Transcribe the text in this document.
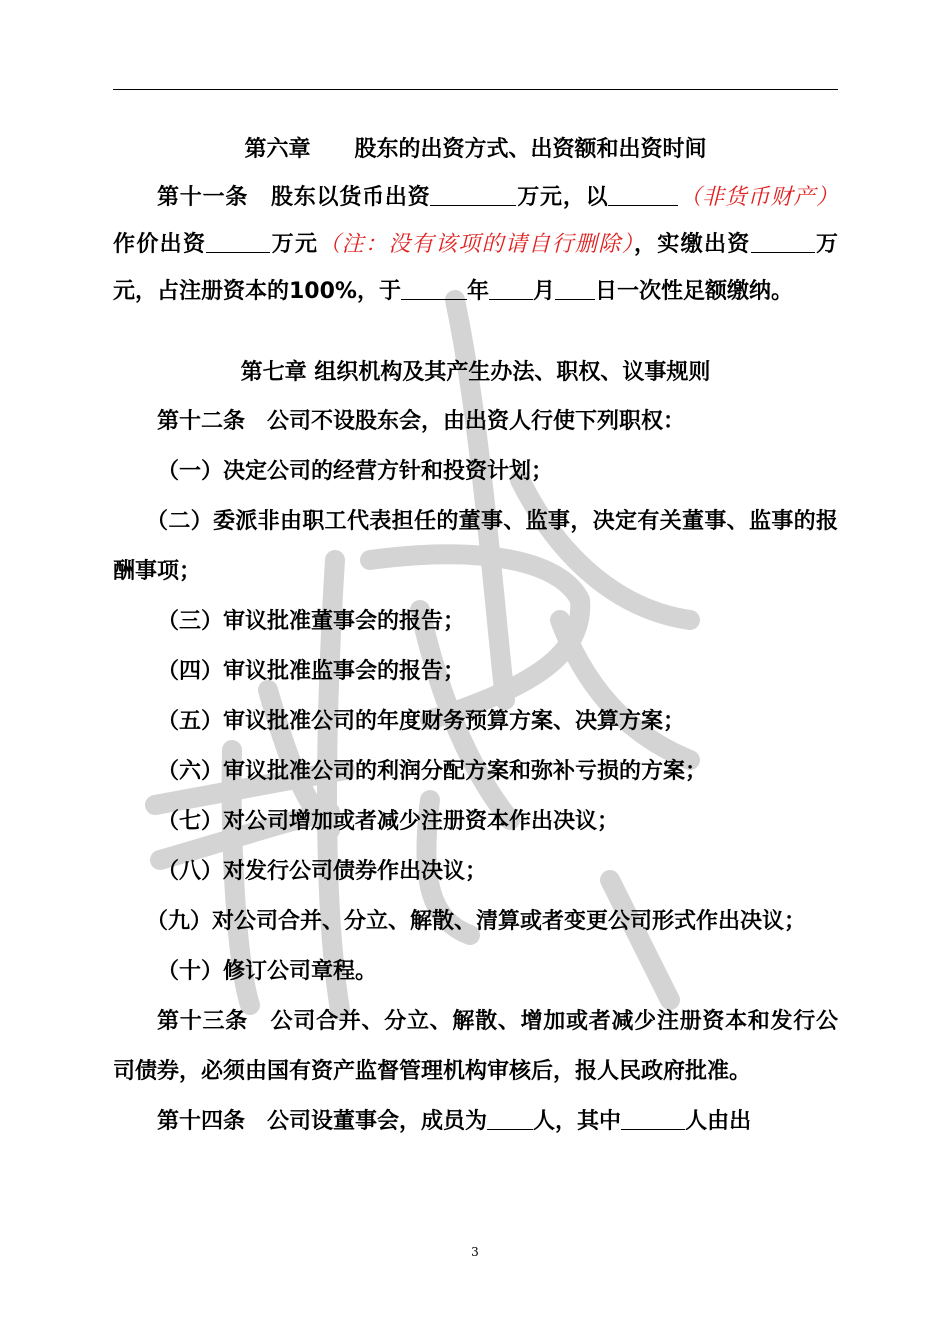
第六章　　股东的出资方式、出资额和出资时间
第十一条　 股东以货币出资	万元，以	（非货币财产）作价出资	万元（注：没有该项的请自行删除），实缴出资	万元，占注册资本的100%，于	年 月 日一次性足额缴纳。
第七章 组织机构及其产生办法、职权、议事规则
第十二条　 公司不设股东会，由出资人行使下列职权：
（一）决定公司的经营方针和投资计划；
（二）委派非由职工代表担任的董事、监事，决定有关董事、监事的报酬事项；
（三）审议批准董事会的报告；
（四）审议批准监事会的报告；
（五）审议批准公司的年度财务预算方案、决算方案；
（六）审议批准公司的利润分配方案和弥补亏损的方案；
（七）对公司增加或者减少注册资本作出决议；
（八）对发行公司债券作出决议；
（九）对公司合并、分立、解散、清算或者变更公司形式作出决议；
（十）修订公司章程。
第十三条　 公司合并、分立、解散、增加或者减少注册资本和发行公司债券，必须由国有资产监督管理机构审核后，报人民政府批准。
第十四条　 公司设董事会，成员为 人，其中	人由出
3
